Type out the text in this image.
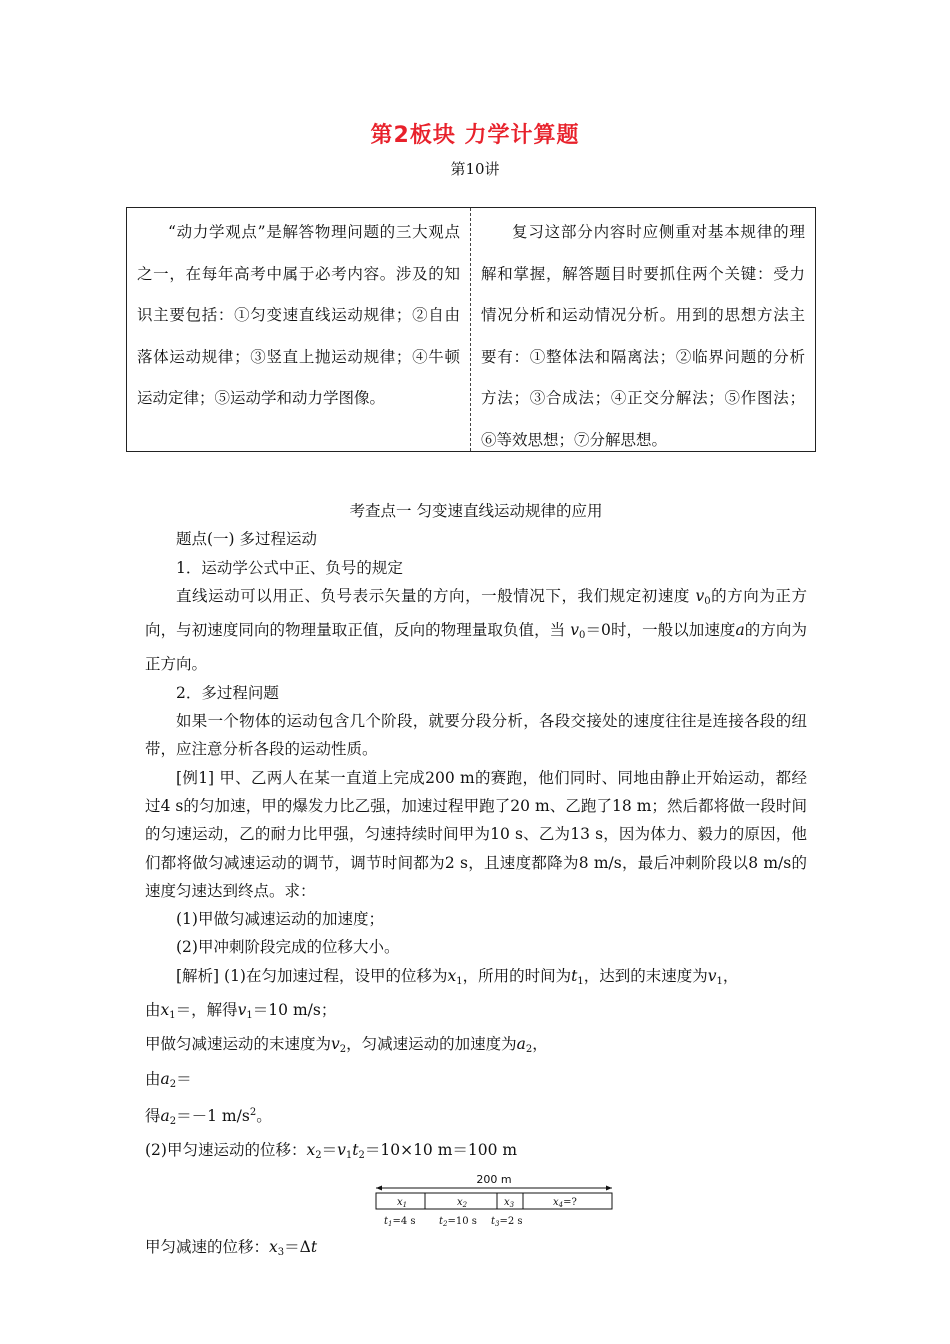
第2板块 力学计算题
第10讲
“动力学观点”是解答物理问题的三大观点之一，在每年高考中属于必考内容。涉及的知识主要包括：①匀变速直线运动规律；②自由落体运动规律；③竖直上抛运动规律；④牛顿运动定律；⑤运动学和动力学图像。
复习这部分内容时应侧重对基本规律的理解和掌握，解答题目时要抓住两个关键：受力情况分析和运动情况分析。用到的思想方法主要有：①整体法和隔离法；②临界问题的分析方法；③合成法；④正交分解法；⑤作图法；⑥等效思想；⑦分解思想。

考查点一 匀变速直线运动规律的应用

题点(一) 多过程运动

1．运动学公式中正、负号的规定

直线运动可以用正、负号表示矢量的方向，一般情况下，我们规定初速度 $v_0$的方向为正方向，与初速度同向的物理量取正值，反向的物理量取负值，当 $v_0=0$时，一般以加速度a的方向为正方向。

2．多过程问题

如果一个物体的运动包含几个阶段，就要分段分析，各段交接处的速度往往是连接各段的纽带，应注意分析各段的运动性质。

[例1] 甲、乙两人在某一直道上完成200 m的赛跑，他们同时、同地由静止开始运动，都经过4 s的匀加速，甲的爆发力比乙强，加速过程甲跑了20 m、乙跑了18 m；然后都将做一段时间的匀速运动，乙的耐力比甲强，匀速持续时间甲为10 s、乙为13 s，因为体力、毅力的原因，他们都将做匀减速运动的调节，调节时间都为2 s，且速度都降为8 m/s，最后冲刺阶段以8 m/s的速度匀速达到终点。求：

(1)甲做匀减速运动的加速度；

(2)甲冲刺阶段完成的位移大小。

[解析] (1)在匀加速过程，设甲的位移为$x_1$，所用的时间为$t_1$，达到的末速度为$v_1$，

由$x_1=$，解得$v_1=10$ m/s；

甲做匀减速运动的末速度为$v_2$，匀减速运动的加速度为$a_2$，

由$a_2=$

得$a_2=-1$ $m/s^2$。

(2)甲匀速运动的位移：$x_2=v_1t_2=10\times 10$ m＝100 m

200 m
$x_1$	$x_2$	$x_3$	$x_4=$?
$t_1=4$ s $t_2=10$ s $t_3=2$ s

甲匀减速的位移：$x_3=\Delta t$
